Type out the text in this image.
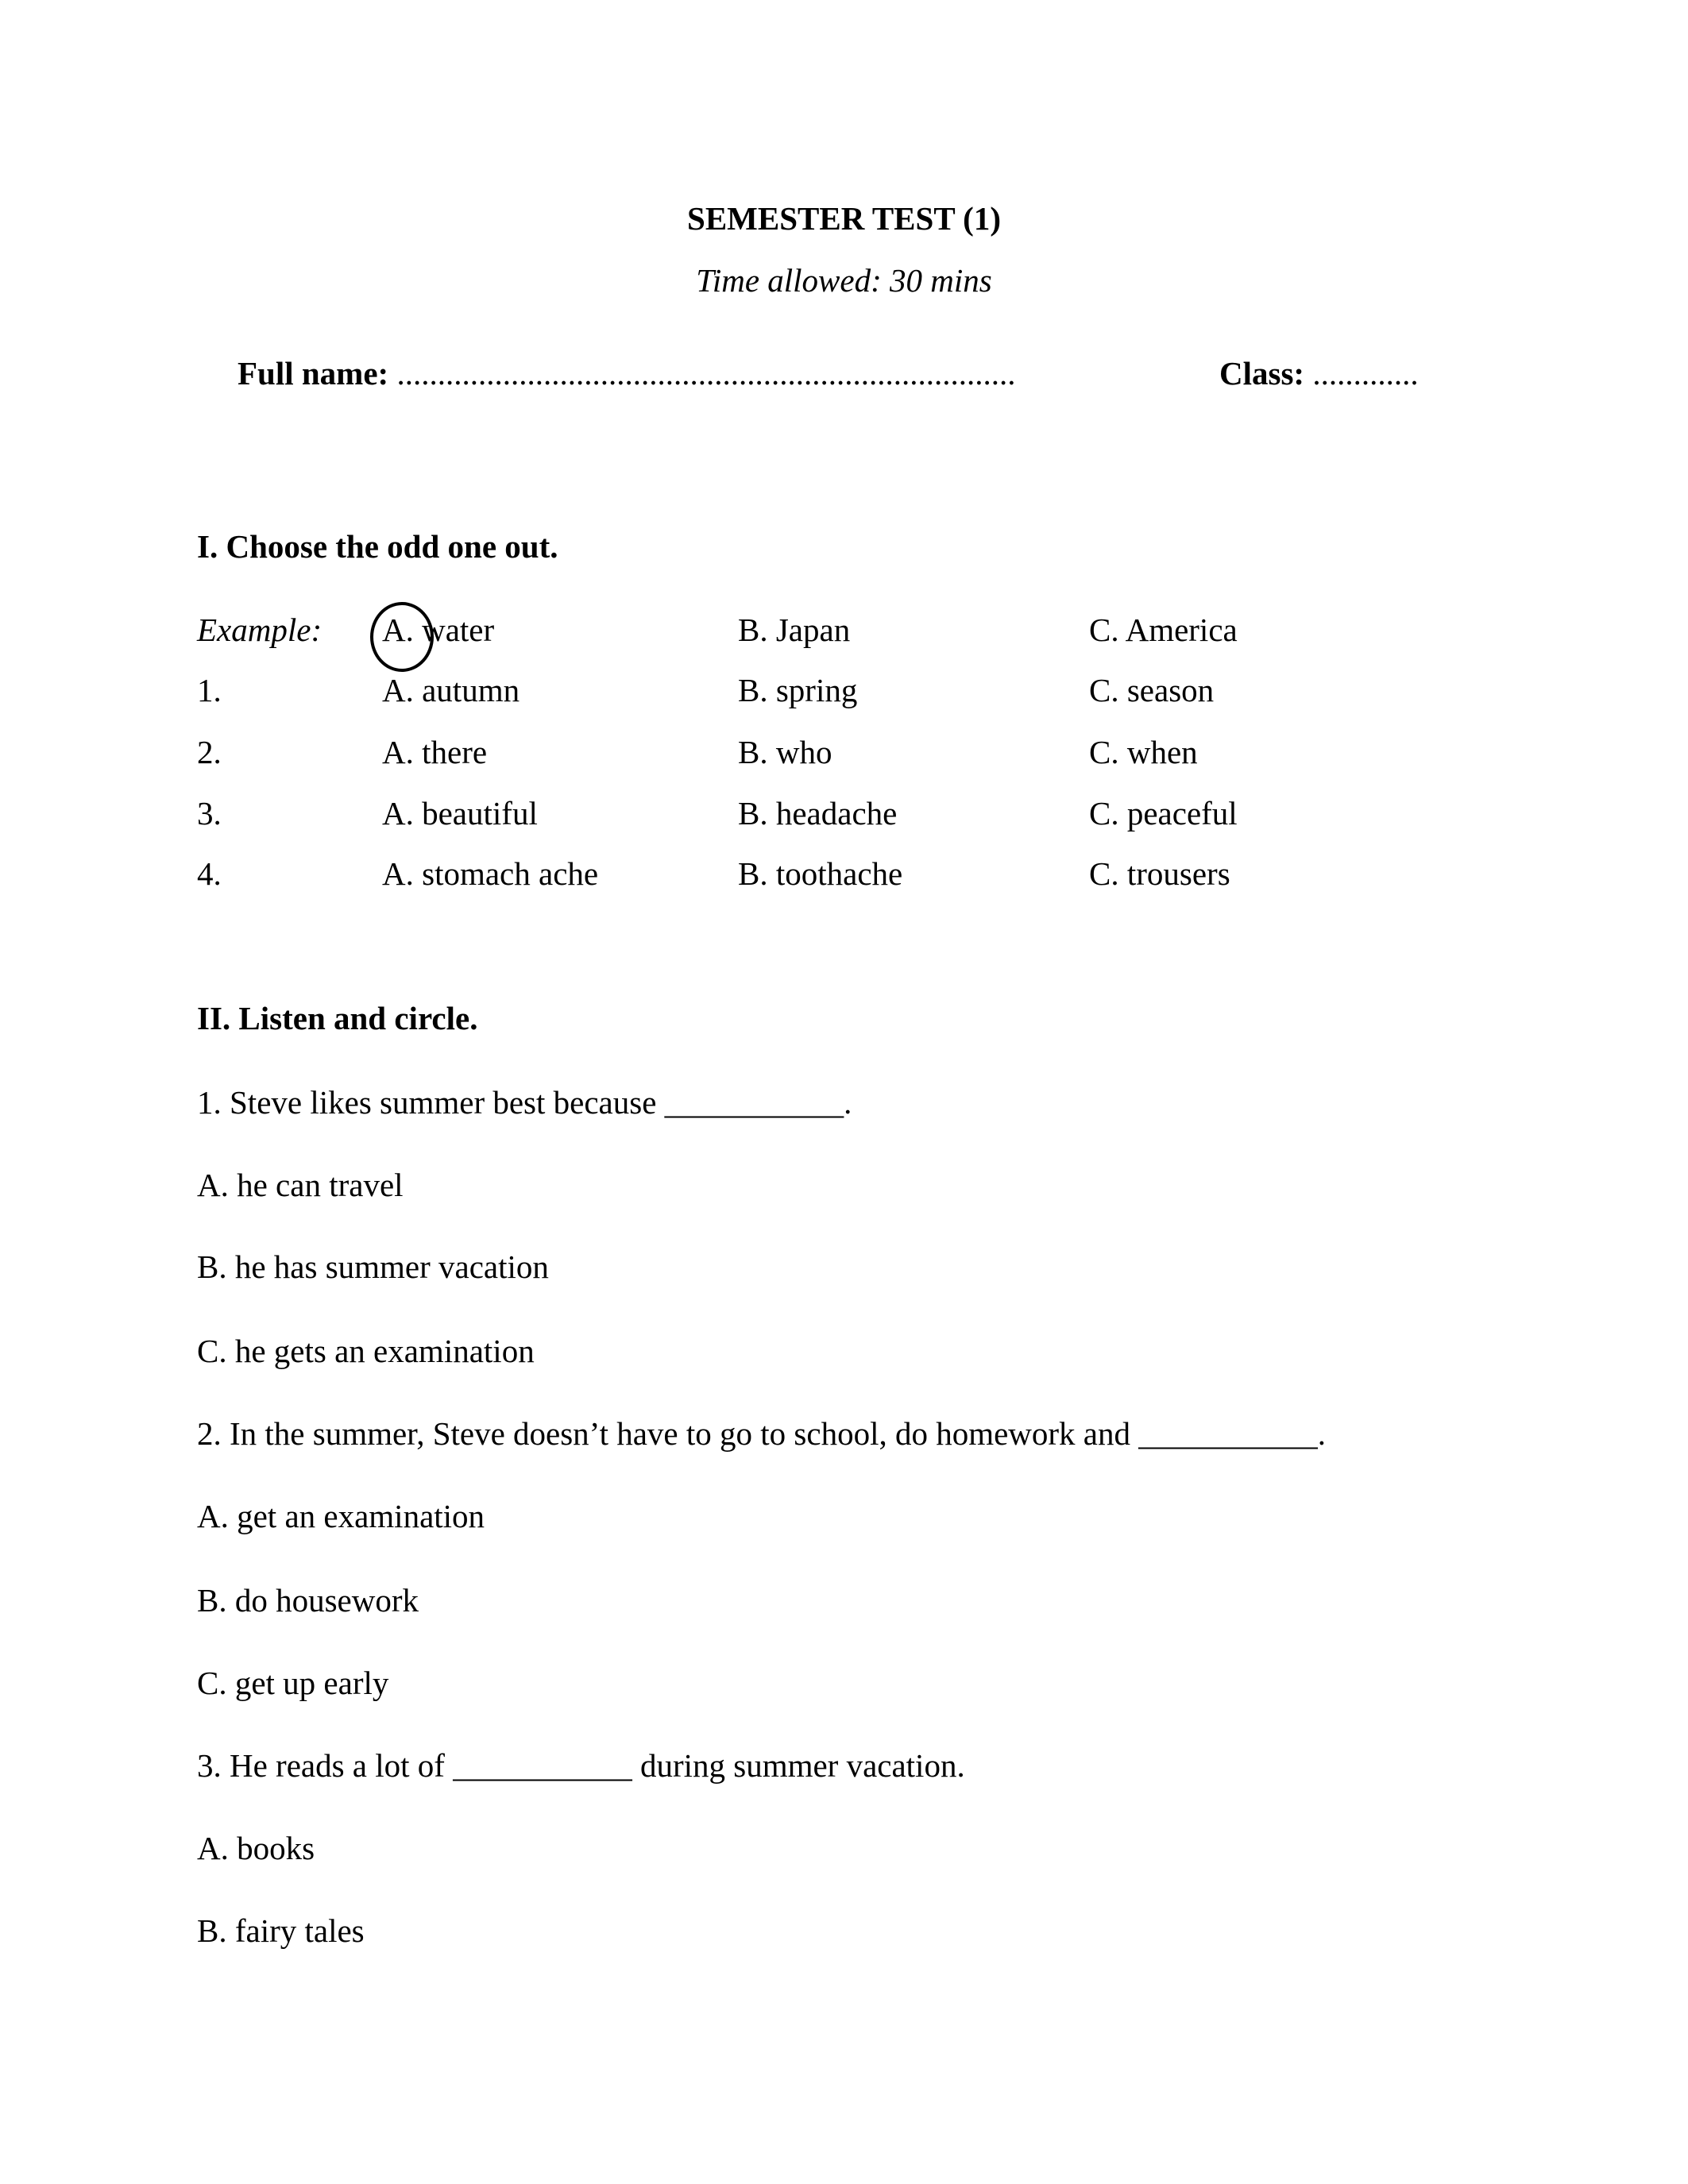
SEMESTER TEST (1)
Time allowed: 30 mins
Full name: ............................................................................	Class: .............
I. Choose the odd one out.
Example: A. water	B. Japan	C. America
1.	A. autumn	B. spring	C. season
2.	A. there	B. who	C. when
3.	A. beautiful	B. headache	C. peaceful
4.	A. stomach ache	B. toothache	C. trousers
II. Listen and circle.
1. Steve likes summer best because ___________.
A. he can travel
B. he has summer vacation
C. he gets an examination
2. In the summer, Steve doesn’t have to go to school, do homework and ___________.
A. get an examination
B. do housework
C. get up early
3. He reads a lot of ___________ during summer vacation.
A. books
B. fairy tales
